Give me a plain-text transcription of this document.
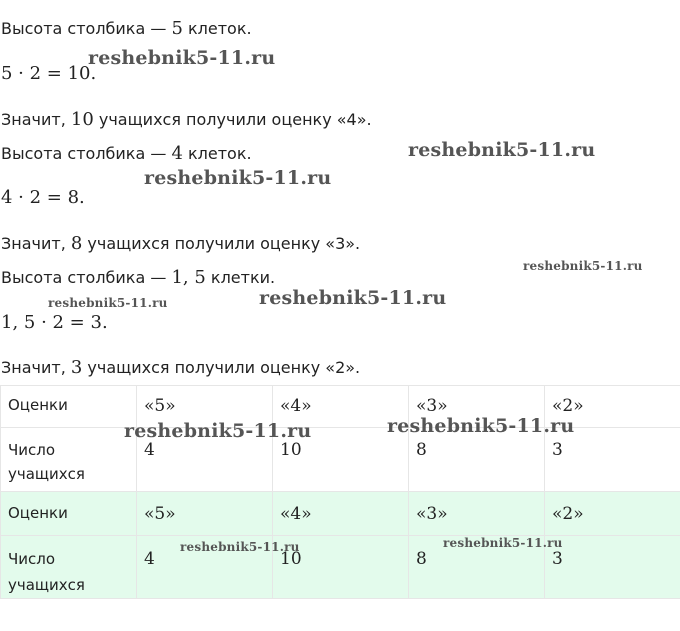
Высота столбика — 5 клеток.
5 · 2 = 10.
Значит, 10 учащихся получили оценку «4».
Высота столбика — 4 клеток.
4 · 2 = 8.
Значит, 8 учащихся получили оценку «3».
Высота столбика — 1, 5 клетки.
1, 5 · 2 = 3.
Значит, 3 учащихся получили оценку «2».
Оценки	«5»	«4»	«3»	«2»
Число учащихся	4	10	8	3
Оценки	«5»	«4»	«3»	«2»
Число учащихся	4	10	8	3
reshebnik5-11.ru
reshebnik5-11.ru
reshebnik5-11.ru
reshebnik5-11.ru
reshebnik5-11.ru	reshebnik5-11.ru
reshebnik5-11.ru	reshebnik5-11.ru
reshebnik5-11.ru	reshebnik5-11.ru
